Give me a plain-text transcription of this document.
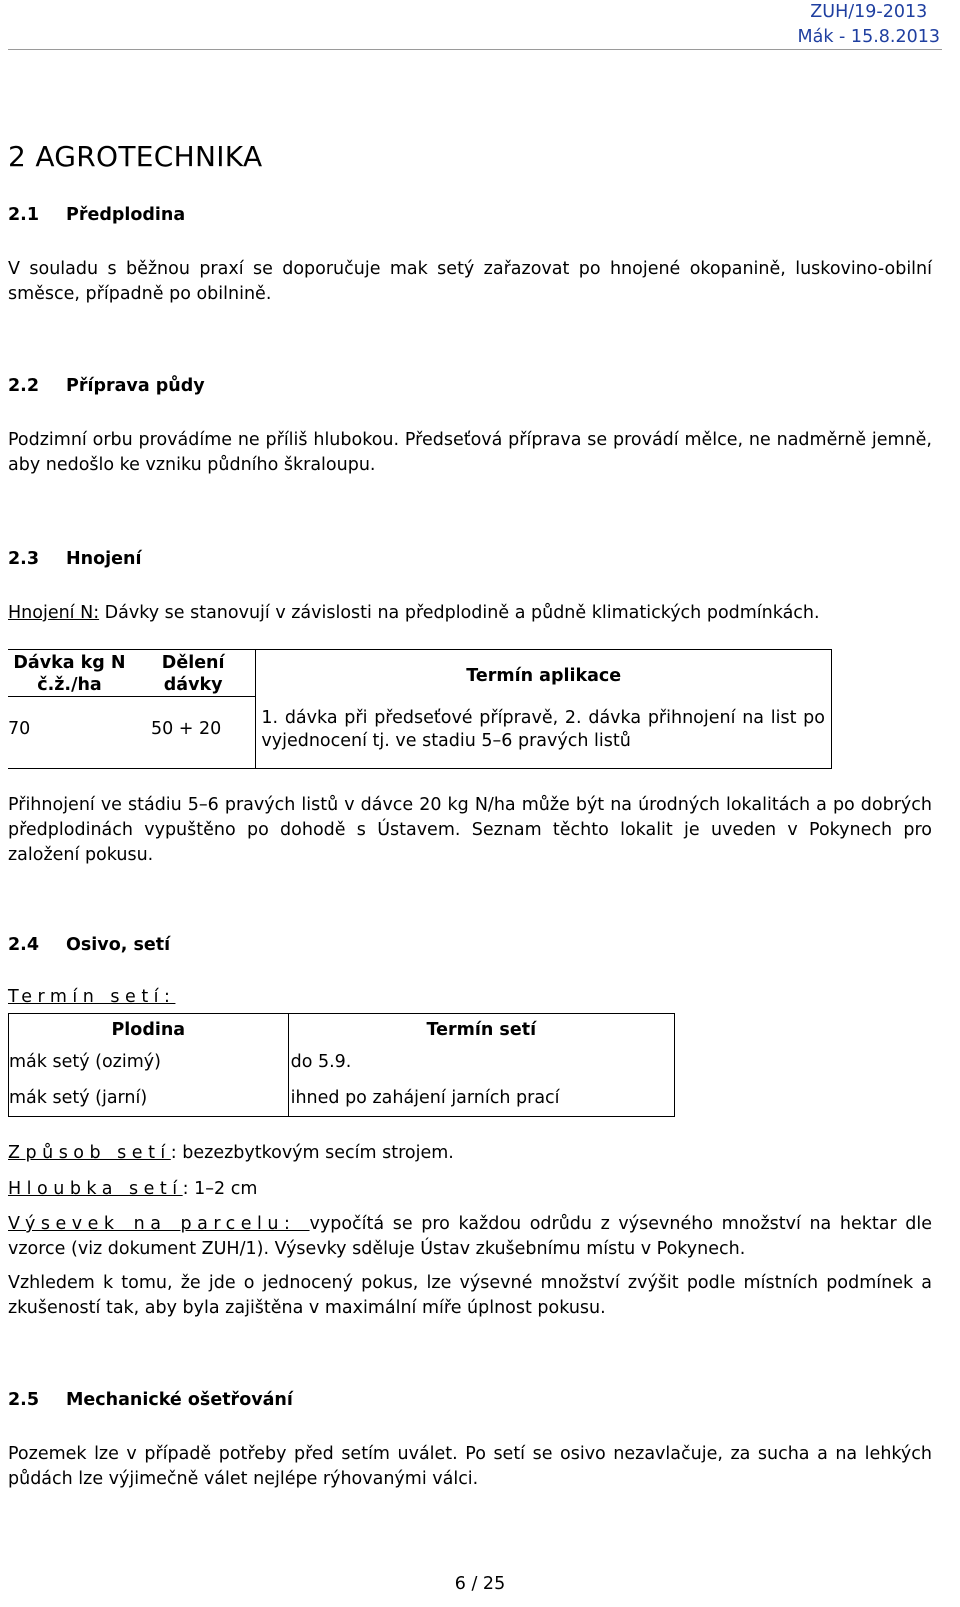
ZUH/19-2013
Mák - 15.8.2013
2 AGROTECHNIKA
2.1 Předplodina
V souladu s běžnou praxí se doporučuje mak setý zařazovat po hnojené okopanině, luskovino-obilní směsce, případně po obilnině.
2.2 Příprava půdy
Podzimní orbu provádíme ne příliš hlubokou. Předseťová příprava se provádí mělce, ne nadměrně jemně, aby nedošlo ke vzniku půdního škraloupu.
2.3 Hnojení
Hnojení N: Dávky se stanovují v závislosti na předplodině a půdně klimatických podmínkách.
Dávka kg N č.ž./ha	Dělení dávky	Termín aplikace
70	50 + 20	1. dávka při předseťové přípravě, 2. dávka přihnojení na list po vyjednocení tj. ve stadiu 5–6 pravých listů
Přihnojení ve stádiu 5–6 pravých listů v dávce 20 kg N/ha může být na úrodných lokalitách a po dobrých předplodinách vypuštěno po dohodě s Ústavem. Seznam těchto lokalit je uveden v Pokynech pro založení pokusu.
2.4 Osivo, setí
Termín setí:
Plodina	Termín setí
mák setý (ozimý)	do 5.9.
mák setý (jarní)	ihned po zahájení jarních prací
Způsob setí: bezezbytkovým secím strojem.
Hloubka setí: 1–2 cm
Výsevek na parcelu: vypočítá se pro každou odrůdu z výsevného množství na hektar dle vzorce (viz dokument ZUH/1). Výsevky sděluje Ústav zkušebnímu místu v Pokynech.
Vzhledem k tomu, že jde o jednocený pokus, lze výsevné množství zvýšit podle místních podmínek a zkušeností tak, aby byla zajištěna v maximální míře úplnost pokusu.
2.5 Mechanické ošetřování
Pozemek lze v případě potřeby před setím uválet. Po setí se osivo nezavlačuje, za sucha a na lehkých půdách lze výjimečně válet nejlépe rýhovanými válci.
6 / 25
